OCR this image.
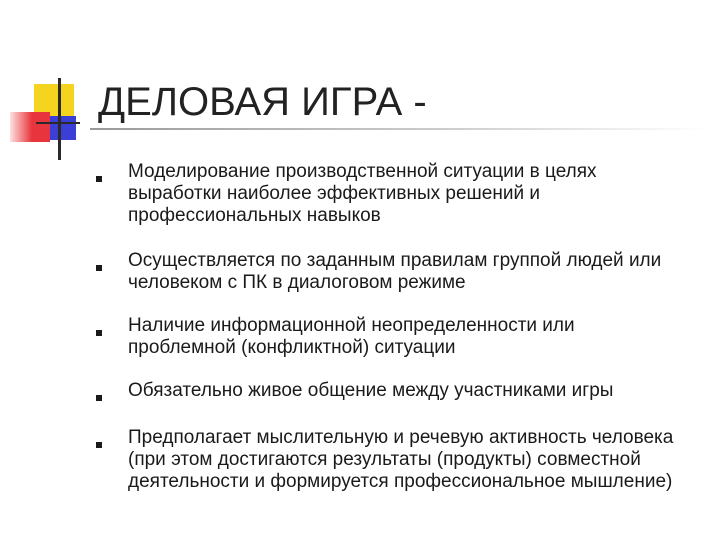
ДЕЛОВАЯ ИГРА -
Моделирование производственной ситуации в целях
выработки наиболее эффективных решений и
профессиональных навыков
Осуществляется по заданным правилам группой людей или
человеком с ПК в диалоговом режиме
Наличие информационной неопределенности или
проблемной (конфликтной) ситуации
Обязательно живое общение между участниками игры
Предполагает мыслительную и речевую активность человека
(при этом достигаются результаты (продукты) совместной
деятельности и формируется профессиональное мышление)
